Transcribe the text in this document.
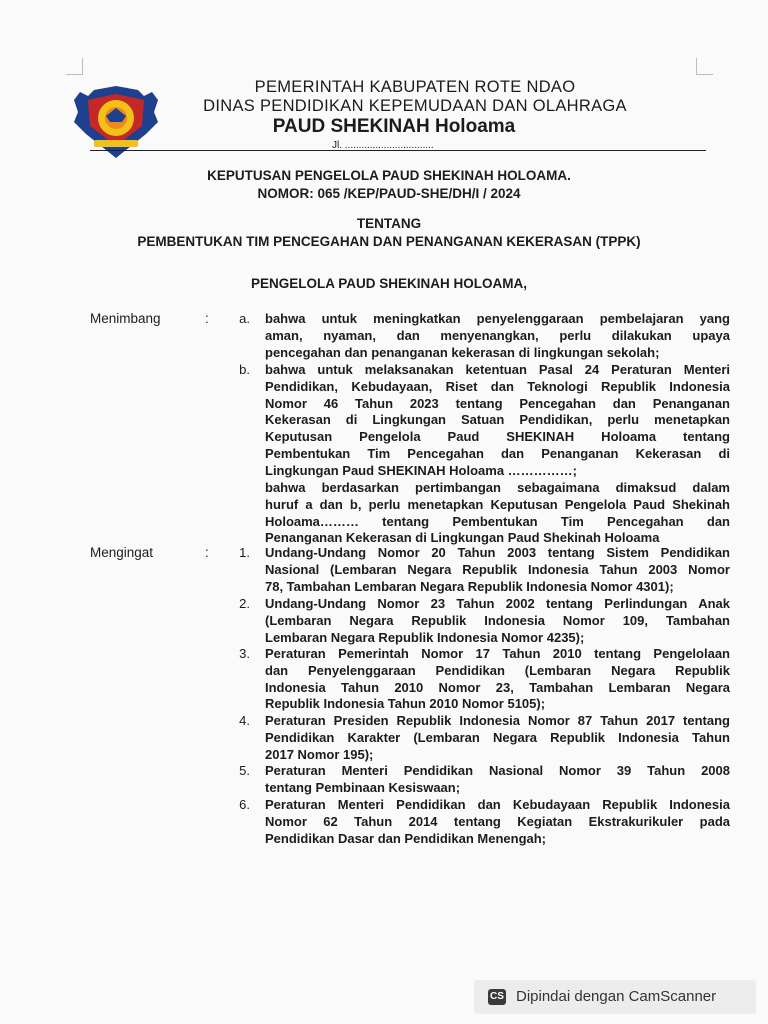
PEMERINTAH KABUPATEN ROTE NDAO
DINAS PENDIDIKAN KEPEMUDAAN DAN OLAHRAGA
PAUD SHEKINAH Holoama
Jl. ................................
KEPUTUSAN PENGELOLA PAUD SHEKINAH HOLOAMA.
NOMOR: 065 /KEP/PAUD-SHE/DH/I / 2024
TENTANG
PEMBENTUKAN TIM PENCEGAHAN DAN PENANGANAN KEKERASAN (TPPK)
PENGELOLA PAUD SHEKINAH HOLOAMA,
Menimbang	:	a. bahwa untuk meningkatkan penyelenggaraan pembelajaran yang
aman, nyaman, dan menyenangkan, perlu dilakukan upaya
pencegahan dan penanganan kekerasan di lingkungan sekolah;
b. bahwa untuk melaksanakan ketentuan Pasal 24 Peraturan Menteri
Pendidikan, Kebudayaan, Riset dan Teknologi Republik Indonesia
Nomor 46 Tahun 2023 tentang Pencegahan dan Penanganan
Kekerasan di Lingkungan Satuan Pendidikan, perlu menetapkan
Keputusan Pengelola Paud SHEKINAH Holoama tentang
Pembentukan Tim Pencegahan dan Penanganan Kekerasan di
Lingkungan Paud SHEKINAH Holoama ……………;
bahwa berdasarkan pertimbangan sebagaimana dimaksud dalam
huruf a dan b, perlu menetapkan Keputusan Pengelola Paud Shekinah
Holoama……… tentang Pembentukan Tim Pencegahan dan
Penanganan Kekerasan di Lingkungan Paud Shekinah Holoama
Mengingat	:	1. Undang-Undang Nomor 20 Tahun 2003 tentang Sistem Pendidikan
Nasional (Lembaran Negara Republik Indonesia Tahun 2003 Nomor
78, Tambahan Lembaran Negara Republik Indonesia Nomor 4301);
2. Undang-Undang Nomor 23 Tahun 2002 tentang Perlindungan Anak
(Lembaran Negara Republik Indonesia Nomor 109, Tambahan
Lembaran Negara Republik Indonesia Nomor 4235);
3. Peraturan Pemerintah Nomor 17 Tahun 2010 tentang Pengelolaan
dan Penyelenggaraan Pendidikan (Lembaran Negara Republik
Indonesia Tahun 2010 Nomor 23, Tambahan Lembaran Negara
Republik Indonesia Tahun 2010 Nomor 5105);
4. Peraturan Presiden Republik Indonesia Nomor 87 Tahun 2017 tentang
Pendidikan Karakter (Lembaran Negara Republik Indonesia Tahun
2017 Nomor 195);
5. Peraturan Menteri Pendidikan Nasional Nomor 39 Tahun 2008
tentang Pembinaan Kesiswaan;
6. Peraturan Menteri Pendidikan dan Kebudayaan Republik Indonesia
Nomor 62 Tahun 2014 tentang Kegiatan Ekstrakurikuler pada
Pendidikan Dasar dan Pendidikan Menengah;
CS Dipindai dengan CamScanner
